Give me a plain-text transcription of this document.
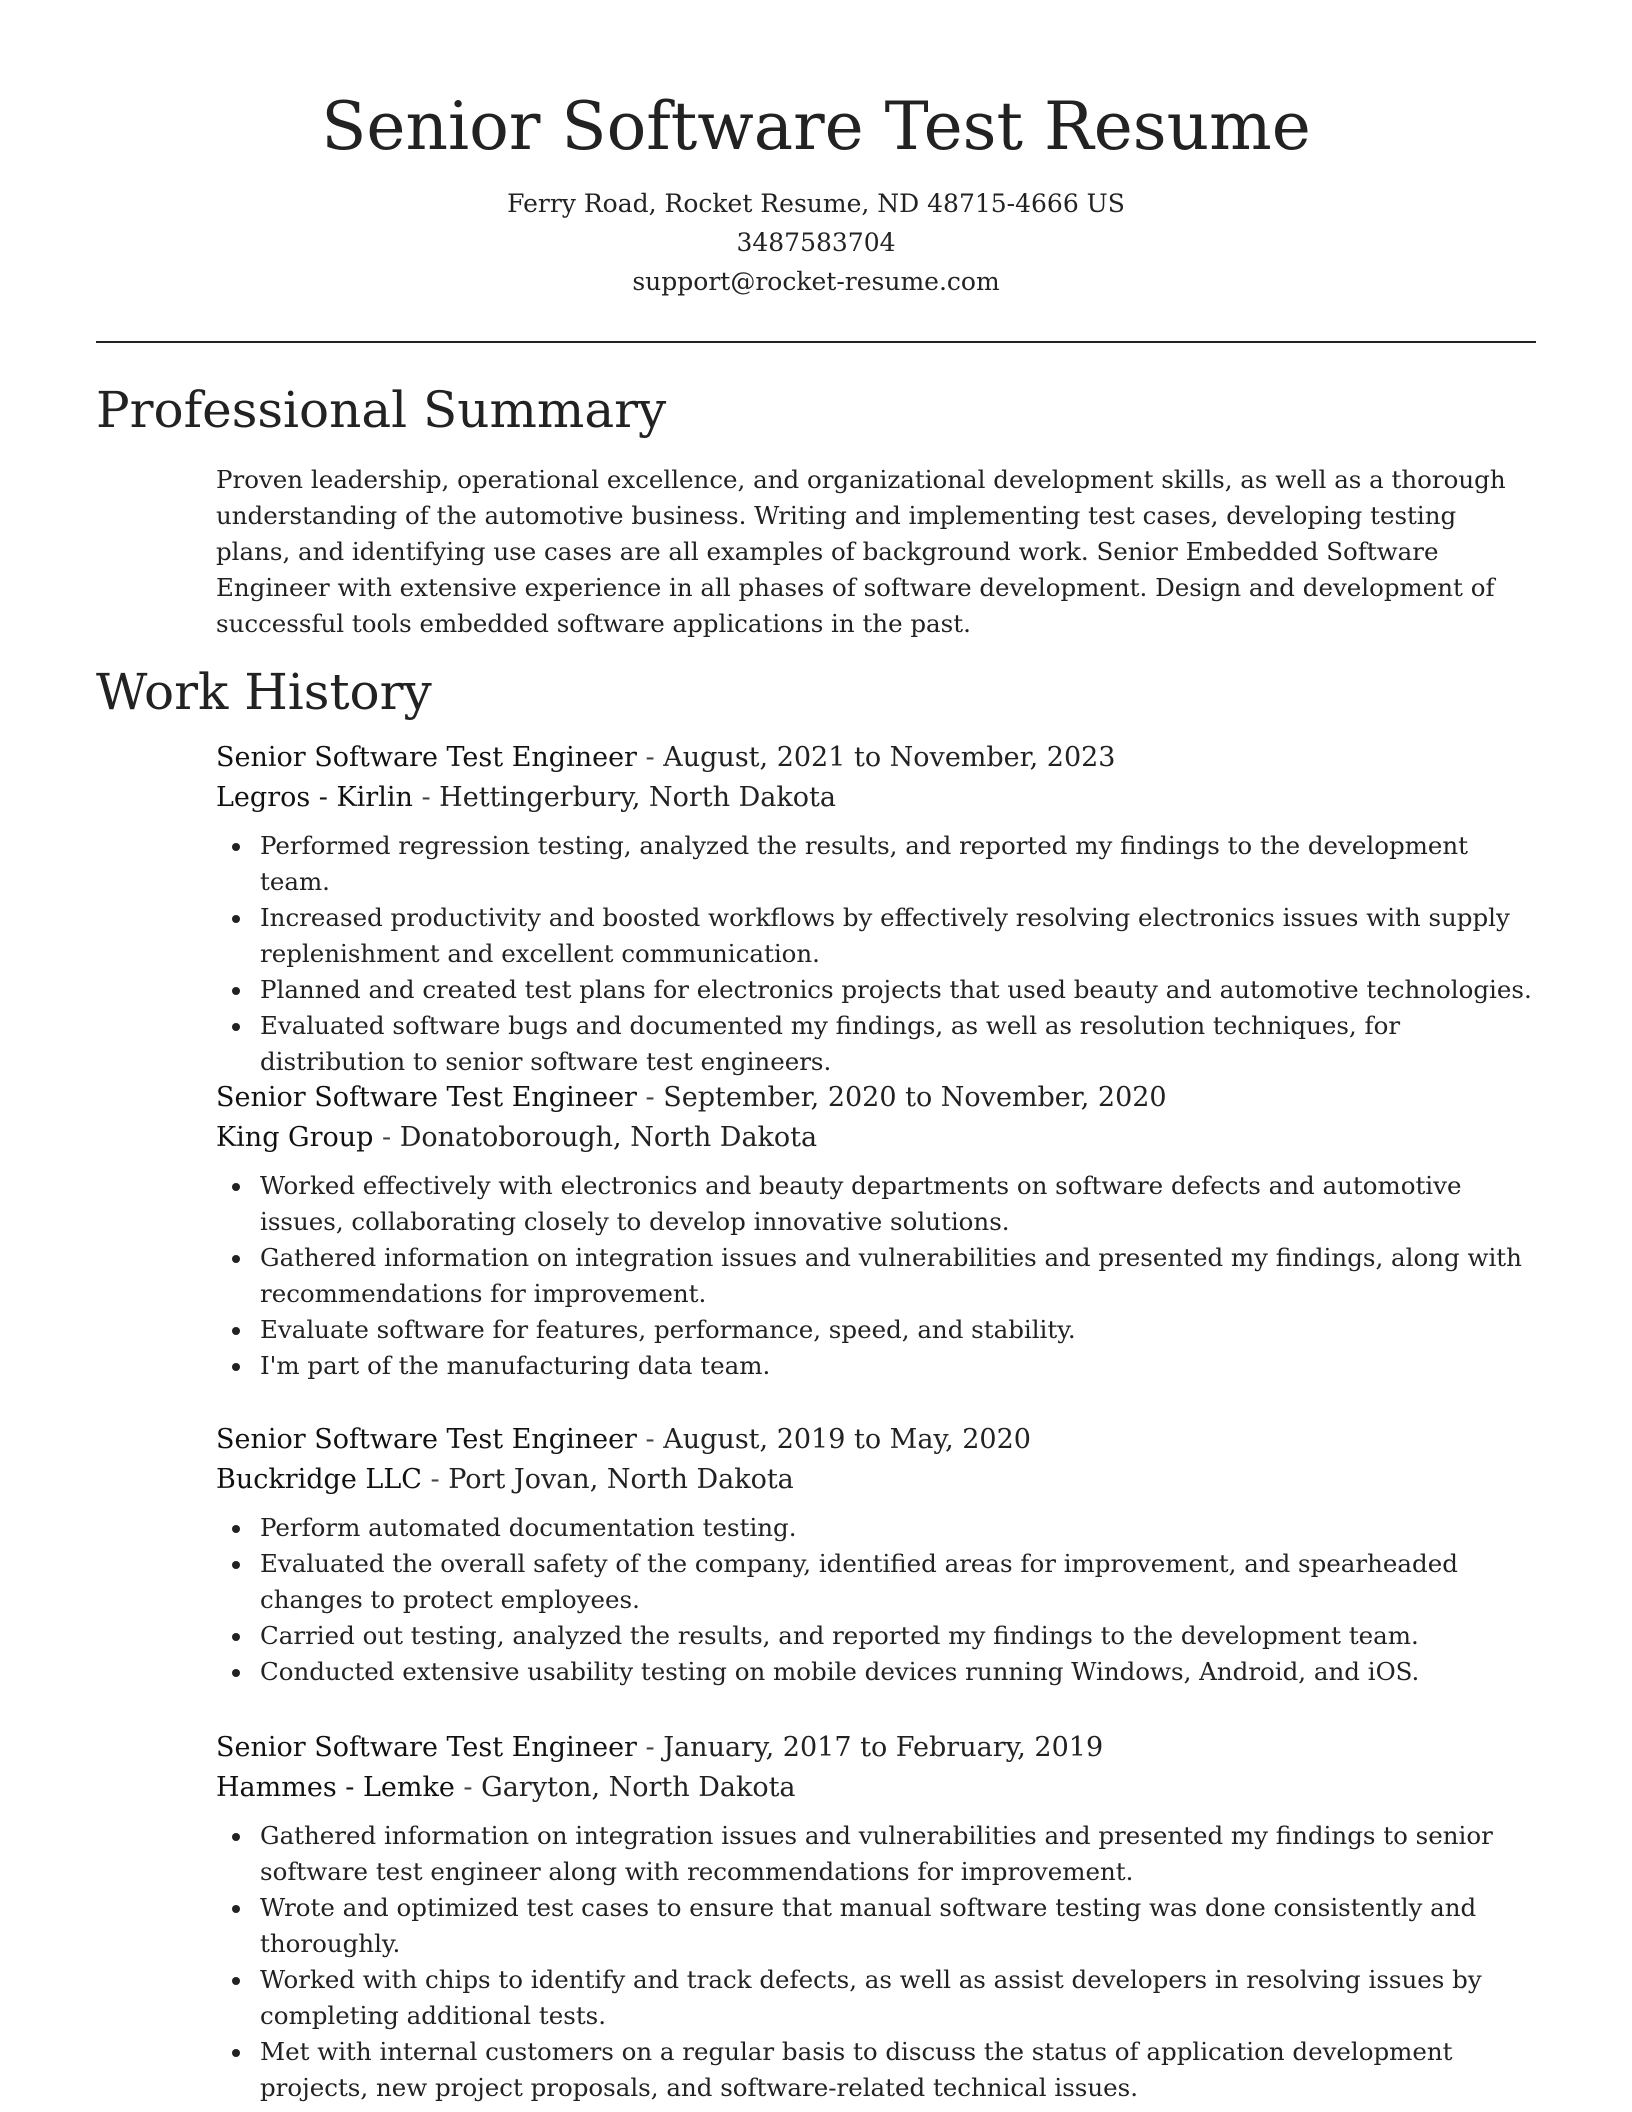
Senior Software Test Resume
Ferry Road, Rocket Resume, ND 48715-4666 US
3487583704
support@rocket-resume.com
Professional Summary

Proven leadership, operational excellence, and organizational development skills, as well as a thorough understanding of the automotive business. Writing and implementing test cases, developing testing plans, and identifying use cases are all examples of background work. Senior Embedded Software Engineer with extensive experience in all phases of software development. Design and development of successful tools embedded software applications in the past.

Work History
Senior Software Test Engineer - August, 2021 to November, 2023
Legros - Kirlin - Hettingerbury, North Dakota
Performed regression testing, analyzed the results, and reported my findings to the development team.
Increased productivity and boosted workflows by effectively resolving electronics issues with supply replenishment and excellent communication.
Planned and created test plans for electronics projects that used beauty and automotive technologies.
Evaluated software bugs and documented my findings, as well as resolution techniques, for distribution to senior software test engineers.
Senior Software Test Engineer - September, 2020 to November, 2020
King Group - Donatoborough, North Dakota
Worked effectively with electronics and beauty departments on software defects and automotive issues, collaborating closely to develop innovative solutions.
Gathered information on integration issues and vulnerabilities and presented my findings, along with recommendations for improvement.
Evaluate software for features, performance, speed, and stability.
I'm part of the manufacturing data team.
Senior Software Test Engineer - August, 2019 to May, 2020
Buckridge LLC - Port Jovan, North Dakota
Perform automated documentation testing.
Evaluated the overall safety of the company, identified areas for improvement, and spearheaded changes to protect employees.
Carried out testing, analyzed the results, and reported my findings to the development team.
Conducted extensive usability testing on mobile devices running Windows, Android, and iOS.
Senior Software Test Engineer - January, 2017 to February, 2019
Hammes - Lemke - Garyton, North Dakota
Gathered information on integration issues and vulnerabilities and presented my findings to senior software test engineer along with recommendations for improvement.
Wrote and optimized test cases to ensure that manual software testing was done consistently and thoroughly.
Worked with chips to identify and track defects, as well as assist developers in resolving issues by completing additional tests.
Met with internal customers on a regular basis to discuss the status of application development projects, new project proposals, and software-related technical issues.
